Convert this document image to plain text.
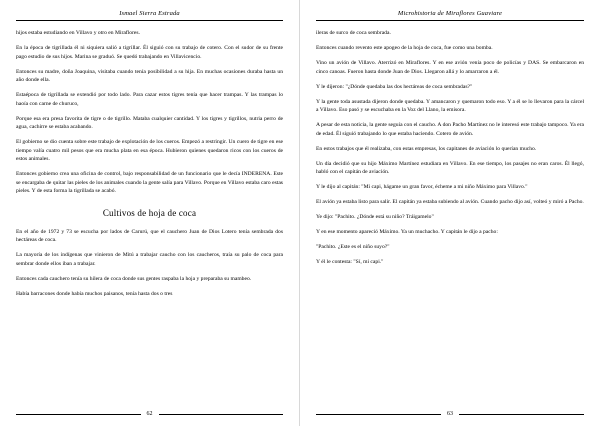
Ismael Sierra Estrada

hijos estaba estudiando en Villavo y otro en Miraflores.

En la época de tigrillada él ni siquiera salió a tigrillar. Él siguió con su trabajo de cotero. Con el sudor de su frente pago estudio de sus hijos. Marina se graduó. Se quedó trabajando en Villavicencio.

Entonces su madre, doña Joaquina, visitaba cuando tenía posibilidad a su hija. En muchas ocasiones duraba hasta un año donde ella.

Estaépoca de tigrillada se extendió por todo lado. Para cazar estos tigres tenía que hacer trampas. Y las trampas lo haoía con carne de churuco,

Porque esa era presa favorita de tigre o de tigrillo. Mataba cualquier cantidad. Y los tigres y tigrillos, nutria perro de agua, cachirre se estaba acabando.

El gobierno se dio cuenta sobre este trabajo de explotación de los cueros. Empezó a restringir. Un cuero de tigre en ese tiempo valía cuatro mil pesos que era mucha plata en esa época. Hubieron quienes quedaron ricos con los cueros de estos animales.

Entonces gobierno crea una oficina de control, bajo responsabilidad de un funcionario que le decía INDERENA. Este se encargaba de quitar las pieles de los animales cuando la gente salía para Villavo. Porque en Villavo estaba caro estas pieles. Y de esta forma la tigrillada se acabó.

Cultivos de hoja de coca

En el año de 1972 y 73 se escucha por lados de Carurú, que el cauchero Juan de Dios Lotero tenía sembrada dos hectáreas de coca.

La mayoría de los indígenas que vinieron de Mitú a trabajar caucho con los caucheros, traía su palo de coca para sembrar donde ellos iban a trabajar.

Entonces cada cauchero tenía su hilera de coca donde sus gentes raspaba la hoja y preparaba su mambeo.

Había barracones donde había muchos paisanos, tenía hasta dos o tres

62
Microhistoria de Miraflores Guaviare

ileras de surco de coca sembrada.

Entonces cuando revento este apogeo de la hoja de coca, fue como una bomba.

Vino un avión de Villavo. Aterrizó en Miraflores. Y en ese avión venía poco de policías y DAS. Se embarcaron en cinco canoas. Fueron hasta donde Juan de Dios. Llegaron allá y lo amarraron a él.

Y le dijeron: "¿Dónde quedaba las dos hectáreas de coca sembradas?"

Y la gente toda asustada dijeron donde quedaba. Y amancaron y quemaron todo eso. Y a él se lo llevaron para la cárcel a Villavo. Eso pasó y se escuchaba en la Voz del Llano, la emisora.

A pesar de esta noticia, la gente seguía con el caucho. A don Pacho Martínez no le interesó este trabajo tampoco. Ya era de edad. Él siguió trabajando lo que estaba haciendo. Cotero de avión.

En estos trabajos que él realizaba, con estas empresas, los capitanes de aviación lo querían mucho.

Un día decidió que su hijo Máximo Martínez estudiara en Villavo. En ese tiempo, los pasajes no eran caros. Él llegó, habló con el capitán de aviación.

Y le dijo al capitán: "Mi capi, hágame un gran favor, écheme a mi niño Máximo para Villavo."

El avión ya estaba listo para salir. El capitán ya estaba subiendo al avión. Cuando pacho dijo así, volteó y miró a Pacho.

Ye dijo: "Pachito. ¿Dónde está su niño? Tráigamelo"

Y en ese momento apareció Máximo. Ya un muchacho. Y capitán le dijo a pacho:

"Pachito. ¿Este es el niño suyo?"

Y él le contesta: "Sí, mi capi."

63
